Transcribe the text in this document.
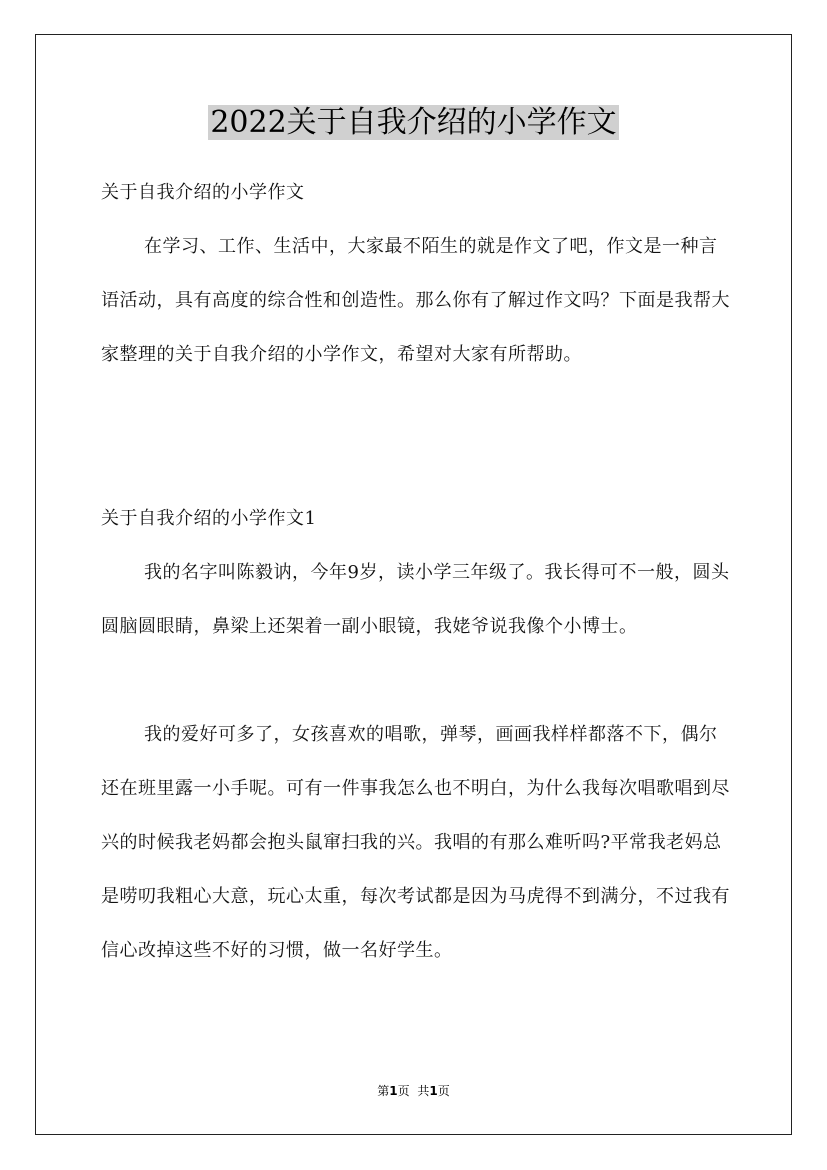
2022关于自我介绍的小学作文
关于自我介绍的小学作文
在学习、工作、生活中，大家最不陌生的就是作文了吧，作文是一种言语活动，具有高度的综合性和创造性。那么你有了解过作文吗？下面是我帮大家整理的关于自我介绍的小学作文，希望对大家有所帮助。
关于自我介绍的小学作文1
我的名字叫陈毅讷，今年9岁，读小学三年级了。我长得可不一般，圆头圆脑圆眼睛，鼻梁上还架着一副小眼镜，我姥爷说我像个小博士。
我的爱好可多了，女孩喜欢的唱歌，弹琴，画画我样样都落不下，偶尔还在班里露一小手呢。可有一件事我怎么也不明白，为什么我每次唱歌唱到尽兴的时候我老妈都会抱头鼠窜扫我的兴。我唱的有那么难听吗?平常我老妈总是唠叨我粗心大意，玩心太重，每次考试都是因为马虎得不到满分，不过我有信心改掉这些不好的习惯，做一名好学生。
第1页 共1页
